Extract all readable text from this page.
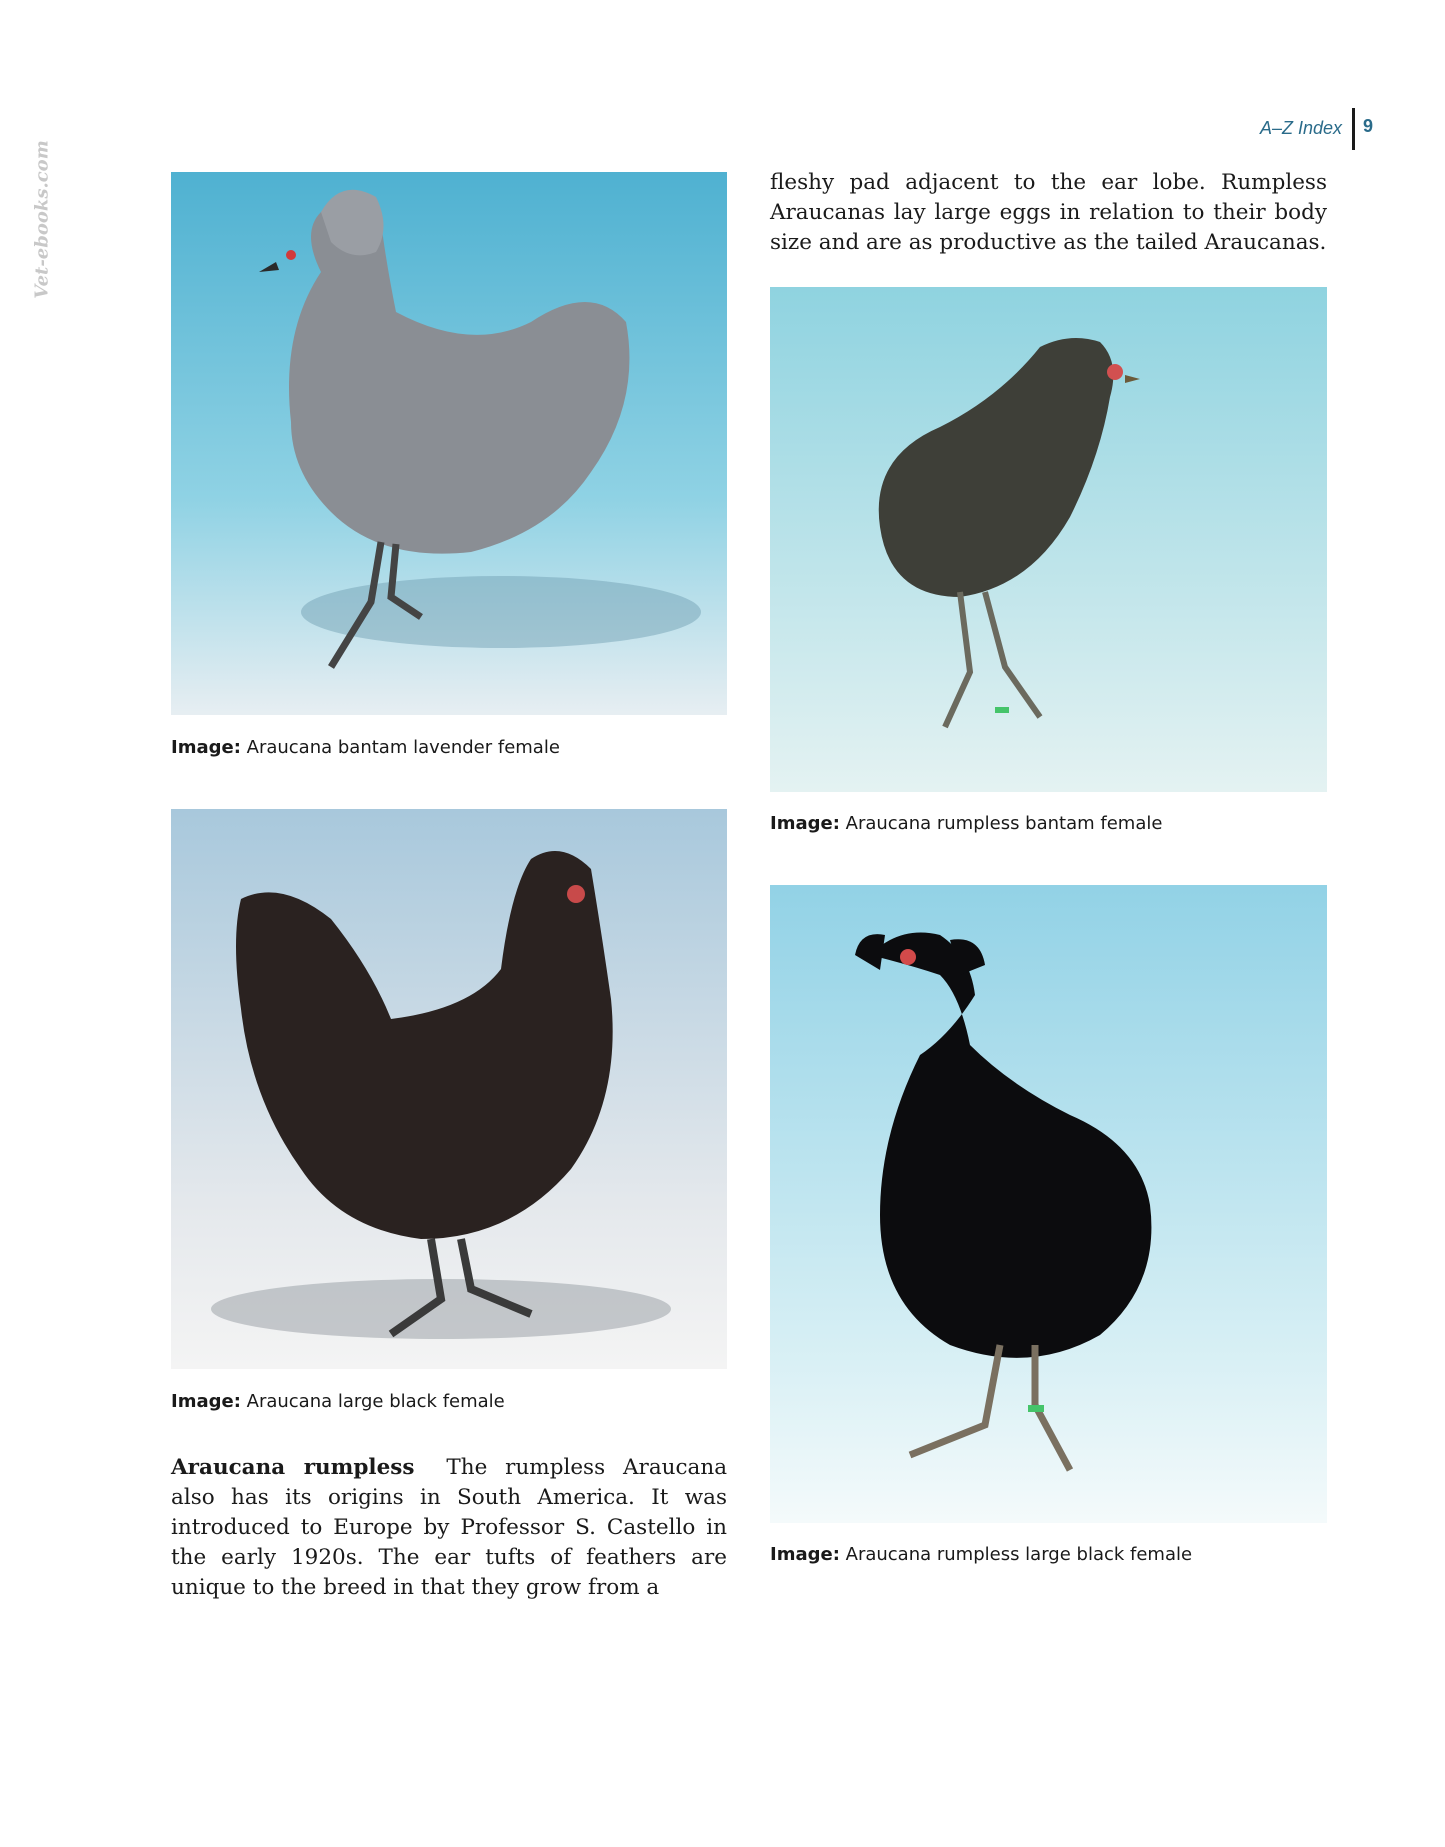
A–Z Index 9
Vet-ebooks.com
Image: Araucana bantam lavender female
Image: Araucana rumpless bantam female
Image: Araucana large black female
Image: Araucana rumpless large black female

fleshy pad adjacent to the ear lobe. Rumpless Araucanas lay large eggs in relation to their body size and are as productive as the tailed Araucanas.

Araucana rumpless The rumpless Araucana also has its origins in South America. It was introduced to Europe by Professor S. Castello in the early 1920s. The ear tufts of feathers are unique to the breed in that they grow from a
